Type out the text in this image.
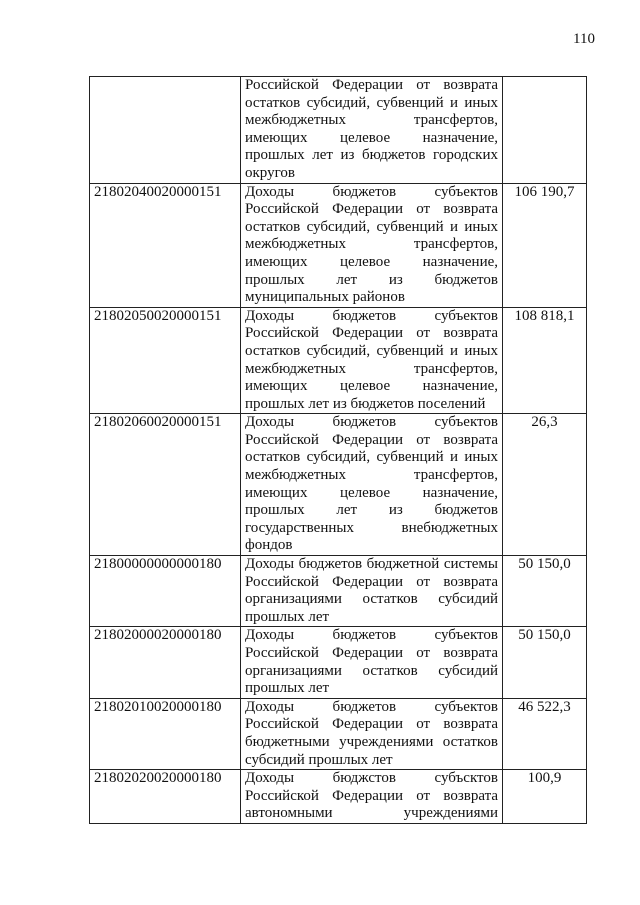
110

	Российской Федерации от возврата остатков субсидий, субвенций и иных межбюджетных трансфертов, имеющих целевое назначение, прошлых лет из бюджетов городских округов	

21802040020000151	Доходы бюджетов субъектов Российской Федерации от возврата остатков субсидий, субвенций и иных межбюджетных трансфертов, имеющих целевое назначение, прошлых лет из бюджетов муниципальных районов	106 190,7
21802050020000151	Доходы бюджетов субъектов Российской Федерации от возврата остатков субсидий, субвенций и иных межбюджетных трансфертов, имеющих целевое назначение, прошлых лет из бюджетов поселений	108 818,1
21802060020000151	Доходы бюджетов субъектов Российской Федерации от возврата остатков субсидий, субвенций и иных межбюджетных трансфертов, имеющих целевое назначение, прошлых лет из бюджетов государственных внебюджетных фондов	26,3
21800000000000180	Доходы бюджетов бюджетной системы Российской Федерации от возврата организациями остатков субсидий прошлых лет	50 150,0
21802000020000180	Доходы бюджетов субъектов Российской Федерации от возврата организациями остатков субсидий прошлых лет	50 150,0
21802010020000180	Доходы бюджетов субъектов Российской Федерации от возврата бюджетными учреждениями остатков субсидий прошлых лет	46 522,3
21802020020000180	Доходы бюджстов субъсктов Российской Федерации от возврата автономными учреждениями	100,9
